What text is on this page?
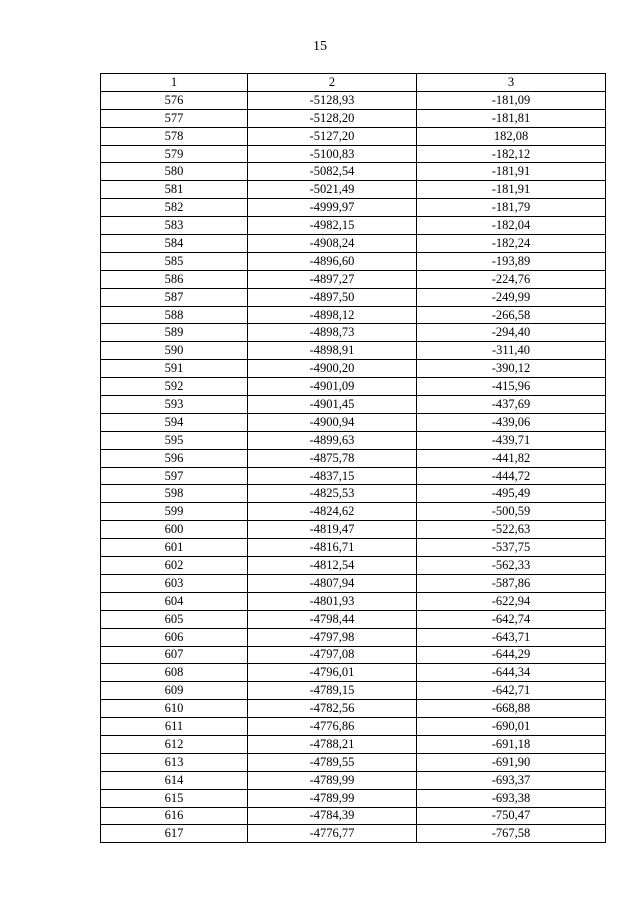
15
1	2	3
576	-5128,93	-181,09
577	-5128,20	-181,81
578	-5127,20	182,08
579	-5100,83	-182,12
580	-5082,54	-181,91
581	-5021,49	-181,91
582	-4999,97	-181,79
583	-4982,15	-182,04
584	-4908,24	-182,24
585	-4896,60	-193,89
586	-4897,27	-224,76
587	-4897,50	-249,99
588	-4898,12	-266,58
589	-4898,73	-294,40
590	-4898,91	-311,40
591	-4900,20	-390,12
592	-4901,09	-415,96
593	-4901,45	-437,69
594	-4900,94	-439,06
595	-4899,63	-439,71
596	-4875,78	-441,82
597	-4837,15	-444,72
598	-4825,53	-495,49
599	-4824,62	-500,59
600	-4819,47	-522,63
601	-4816,71	-537,75
602	-4812,54	-562,33
603	-4807,94	-587,86
604	-4801,93	-622,94
605	-4798,44	-642,74
606	-4797,98	-643,71
607	-4797,08	-644,29
608	-4796,01	-644,34
609	-4789,15	-642,71
610	-4782,56	-668,88
611	-4776,86	-690,01
612	-4788,21	-691,18
613	-4789,55	-691,90
614	-4789,99	-693,37
615	-4789,99	-693,38
616	-4784,39	-750,47
617	-4776,77	-767,58
